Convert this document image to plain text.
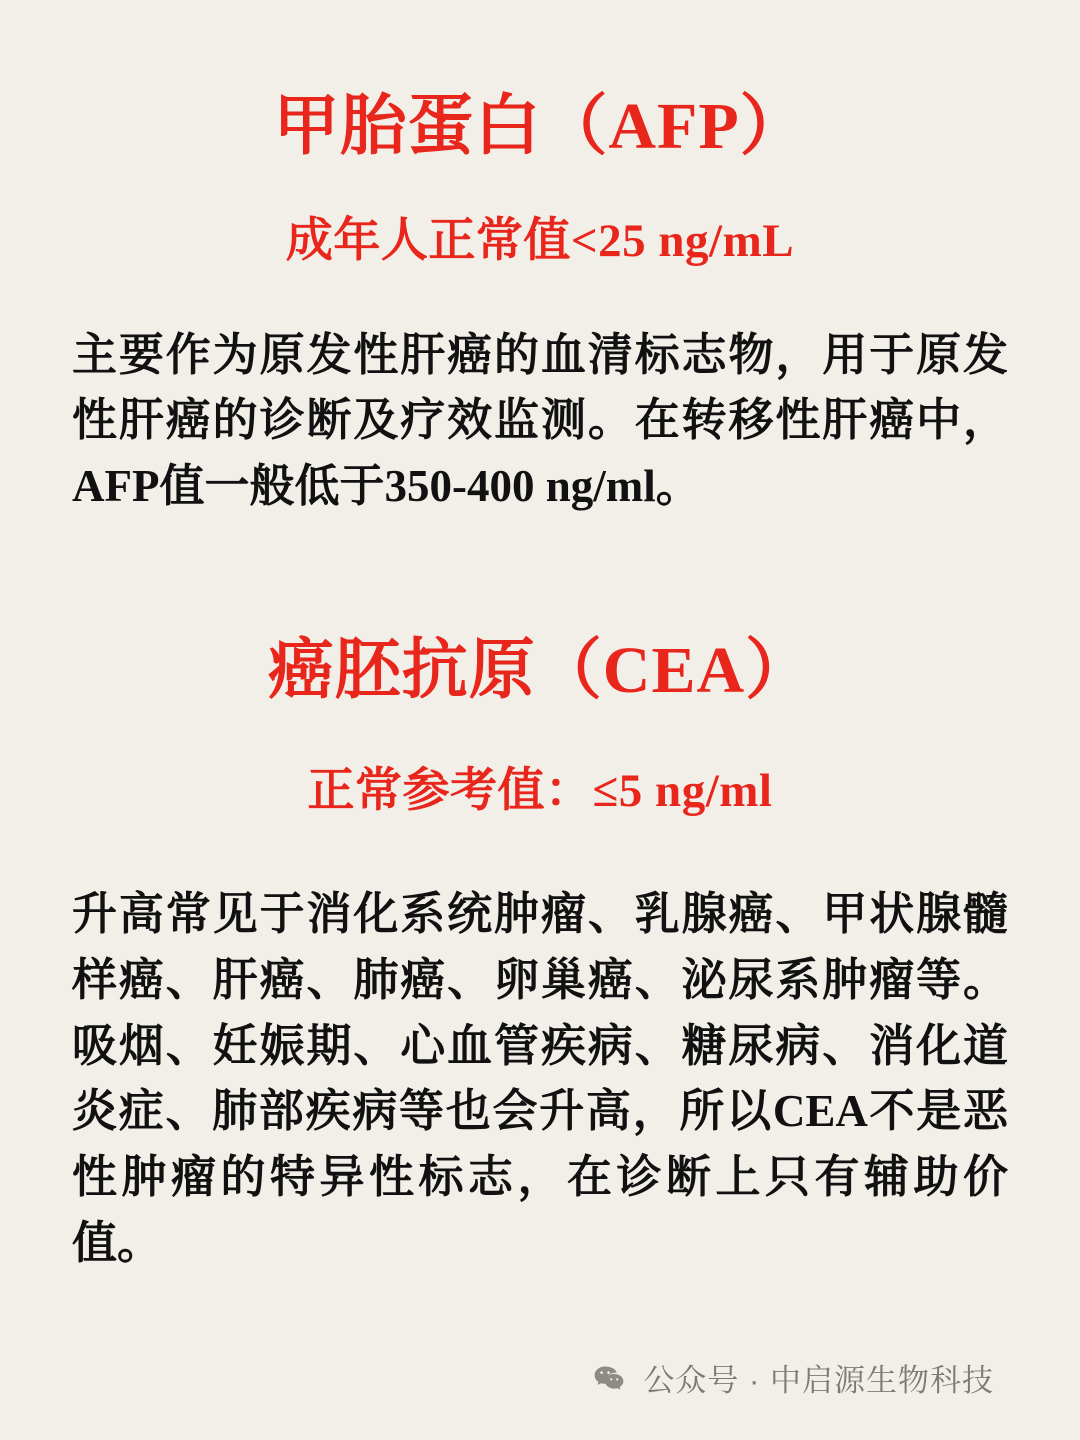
甲胎蛋白（AFP）
成年人正常值<25 ng/mL

主要作为原发性肝癌的血清标志物，用于原发性肝癌的诊断及疗效监测。在转移性肝癌中，AFP值一般低于350-400 ng/ml。

癌胚抗原（CEA）
正常参考值：≤5 ng/ml

升高常见于消化系统肿瘤、乳腺癌、甲状腺髓样癌、肝癌、肺癌、卵巢癌、泌尿系肿瘤等。吸烟、妊娠期、心血管疾病、糖尿病、消化道炎症、肺部疾病等也会升高，所以CEA不是恶性肿瘤的特异性标志，在诊断上只有辅助价值。

公众号 · 中启源生物科技
